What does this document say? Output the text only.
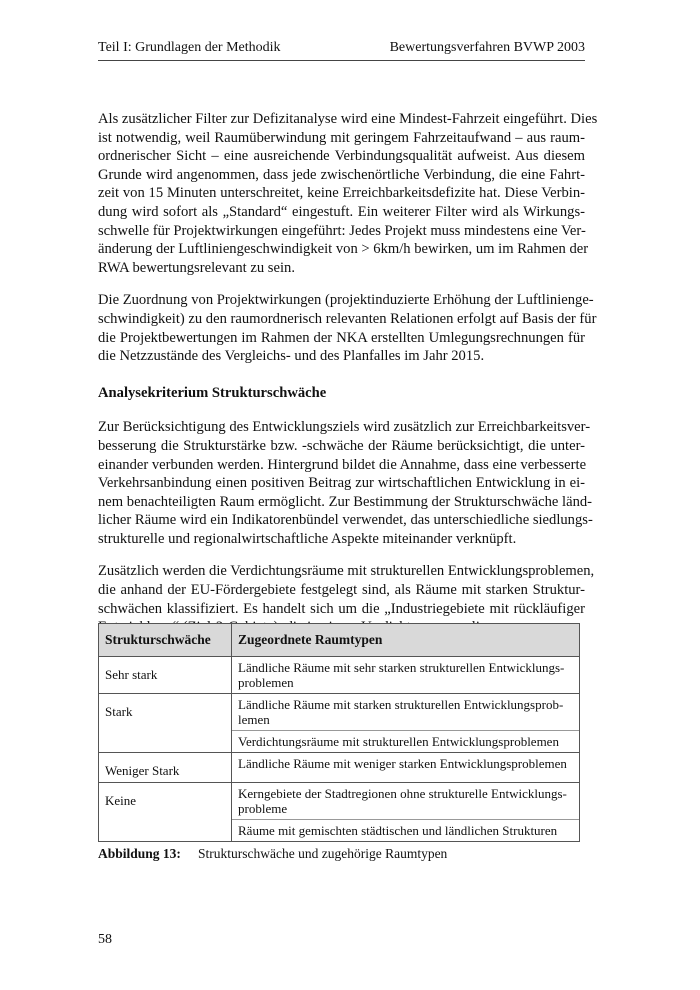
Teil I: Grundlagen der Methodik	Bewertungsverfahren BVWP 2003

Als zusätzlicher Filter zur Defizitanalyse wird eine Mindest-Fahrzeit eingeführt. Dies
ist notwendig, weil Raumüberwindung mit geringem Fahrzeitaufwand – aus raum-
ordnerischer Sicht – eine ausreichende Verbindungsqualität aufweist. Aus diesem
Grunde wird angenommen, dass jede zwischenörtliche Verbindung, die eine Fahrt-
zeit von 15 Minuten unterschreitet, keine Erreichbarkeitsdefizite hat. Diese Verbin-
dung wird sofort als „Standard“ eingestuft. Ein weiterer Filter wird als Wirkungs-
schwelle für Projektwirkungen eingeführt: Jedes Projekt muss mindestens eine Ver-
änderung der Luftliniengeschwindigkeit von > 6km/h bewirken, um im Rahmen der
RWA bewertungsrelevant zu sein.

Die Zuordnung von Projektwirkungen (projektinduzierte Erhöhung der Luftlinienge-
schwindigkeit) zu den raumordnerisch relevanten Relationen erfolgt auf Basis der für
die Projektbewertungen im Rahmen der NKA erstellten Umlegungsrechnungen für
die Netzzustände des Vergleichs- und des Planfalles im Jahr 2015.

Analysekriterium Strukturschwäche

Zur Berücksichtigung des Entwicklungsziels wird zusätzlich zur Erreichbarkeitsver-
besserung die Strukturstärke bzw. -schwäche der Räume berücksichtigt, die unter-
einander verbunden werden. Hintergrund bildet die Annahme, dass eine verbesserte
Verkehrsanbindung einen positiven Beitrag zur wirtschaftlichen Entwicklung in ei-
nem benachteiligten Raum ermöglicht. Zur Bestimmung der Strukturschwäche länd-
licher Räume wird ein Indikatorenbündel verwendet, das unterschiedliche siedlungs-
strukturelle und regionalwirtschaftliche Aspekte miteinander verknüpft.

Zusätzlich werden die Verdichtungsräume mit strukturellen Entwicklungsproblemen,
die anhand der EU-Fördergebiete festgelegt sind, als Räume mit starken Struktur-
schwächen klassifiziert. Es handelt sich um die „Industriegebiete mit rückläufiger

Strukturschwäche	Zugeordnete Raumtypen
Sehr stark	Ländliche Räume mit sehr starken strukturellen Entwicklungs-
problemen

Stark	Ländliche Räume mit starken strukturellen Entwicklungsprob-
lemen
Verdichtungsräume mit strukturellen Entwicklungsproblemen

Weniger Stark	Ländliche Räume mit weniger starken Entwicklungsproblemen

Keine	Kerngebiete der Stadtregionen ohne strukturelle Entwicklungs-
probleme
Räume mit gemischten städtischen und ländlichen Strukturen
Abbildung 13: Strukturschwäche und zugehörige Raumtypen
58
